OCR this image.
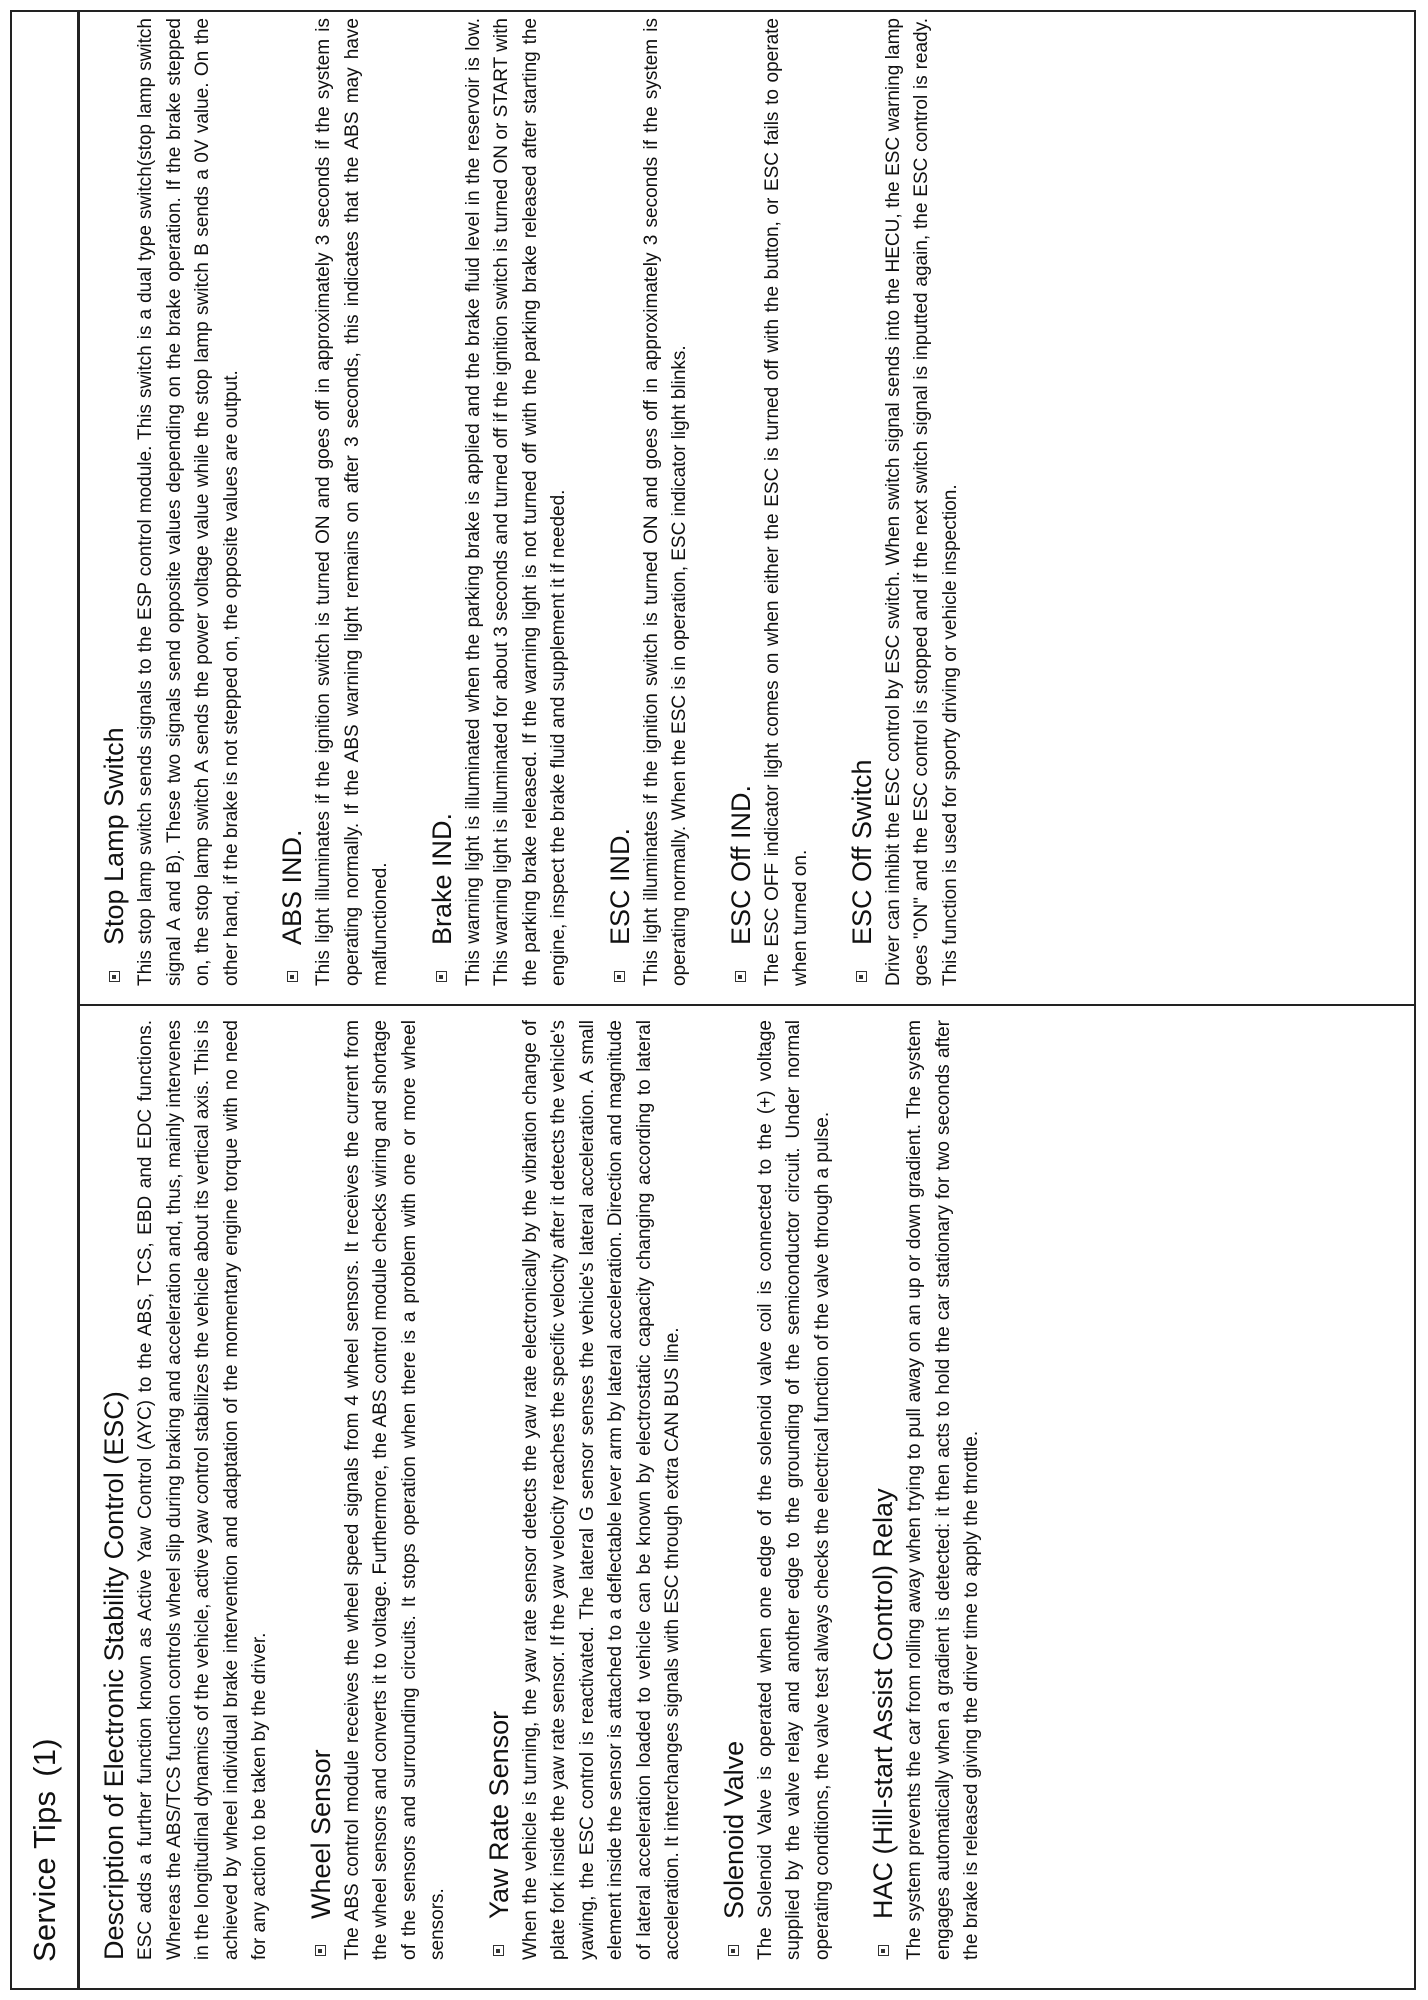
Service Tips(1) Description of Electronic Stability Control (ESC) ESC adds a further function known as Active Yaw Control (AYC) to the ABS, TCS, EBD and EDC functions. Whereas the ABS/TCS function controls wheel slip during braking and acceleration and, thus, mainly intervenes in the longitudinal dynamics of the vehicle, active yaw control stabilizes the vehicle about its vertical axis. This is achieved by wheel individual brake intervention and adaptation of the momentary engine torque with no need for any action to be taken by the driver. Wheel Sensor The ABS control module receives the wheel speed signals from 4 wheel sensors. It receives the current from the wheel sensors and converts it to voltage. Furthermore, the ABS control module checks wiring and shortage of the sensors and surrounding circuits. It stops operation when there is a problem with one or more wheel sensors.
Yaw Rate Sensor When the vehicle is turning, the yaw rate sensor detects the yaw rate electronically by the vibration change of plate fork inside the yaw rate sensor. If the yaw velocity reaches the specific velocity after it detects the vehicle's yawing, the ESC control is reactivated. The lateral G sensor senses the vehicle's lateral acceleration. A small element inside the sensor is attached to a deflectable lever arm by lateral acceleration. Direction and magnitude of lateral acceleration loaded to vehicle can be known by electrostatic capacity changing according to lateral acceleration. It interchanges signals with ESC through extra CAN BUS line. Solenoid Valve The Solenoid Valve is operated when one edge of the solenoid valve coil is connected to the (+) voltage supplied by the valve relay and another edge to the grounding of the semiconductor circuit. Under normal operating conditions, the valve test always checks the electrical function of the valve through a pulse. HAC (Hill-start Assist Control) Relay The system prevents the car from rolling away when trying to pull away on an up or down gradient. The system engages automatically when a gradient is detected: it then acts to hold the car stationary for two seconds after the brake is released giving the driver time to apply the throttle.
Stop Lamp Switch This stop lamp switch sends signals to the ESP control module. This switch is a dual type switch(stop lamp switch signal A and B). These two signals send opposite values depending on the brake operation. If the brake stepped on, the stop lamp switch A sends the power voltage value while the stop lamp switch B sends a 0V value. On the other hand, if the brake is not stepped on, the opposite values are output. ABS IND. This light illuminates if the ignition switch is turned ON and goes off in approximately 3 seconds if the system is operating normally. If the ABS warning light remains on after 3 seconds, this indicates that the ABS may have malfunctioned. Brake IND. This warning light is illuminated when the parking brake is applied and the brake fluid level in the reservoir is low. This warning light is illuminated for about 3 seconds and turned off if the ignition switch is turned ON or START with the parking brake released. If the warning light is not turned off with the parking brake released after starting the engine, inspect the brake fluid and supplement it if needed. ESC IND. This light illuminates if the ignition switch is turned ON and goes off in approximately 3 seconds if the system is operating normally. When the ESC is in operation, ESC indicator light blinks. ESC Off IND. The ESC OFF indicator light comes on when either the ESC is turned off with the button, or ESC fails to operate when turned on. ESC Off Switch Driver can inhibit the ESC control by ESC switch. When switch signal sends into the HECU, the ESC warning lamp goes "ON" and the ESC control is stopped and if the next switch signal is inputted again, the ESC control is ready. This function is used for sporty driving or vehicle inspection.
